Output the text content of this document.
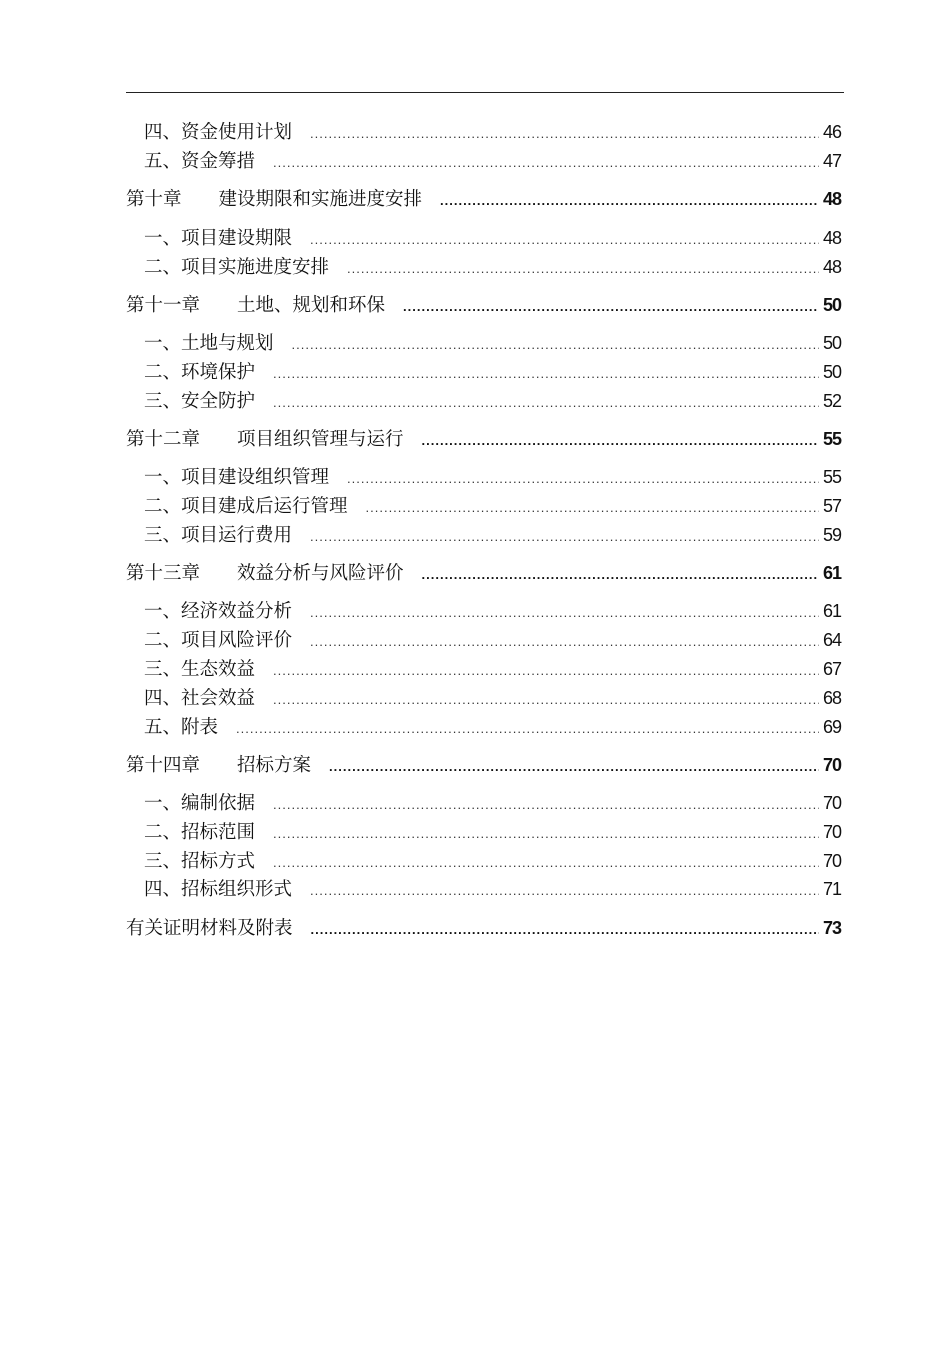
四、资金使用计划 .....	46
五、资金筹措 .....	47
第十章　　建设期限和实施进度安排 .....	48
一、项目建设期限 .....	48
二、项目实施进度安排 .....	48
第十一章　　土地、规划和环保 .....	50
一、土地与规划 .....	50
二、环境保护 .....	50
三、安全防护 .....	52
第十二章　　项目组织管理与运行 .....	55
一、项目建设组织管理 .....	55
二、项目建成后运行管理 .....	57
三、项目运行费用 .....	59
第十三章　　效益分析与风险评价 .....	61
一、经济效益分析 .....	61
二、项目风险评价 .....	64
三、生态效益 .....	67
四、社会效益 .....	68
五、附表 .....	69
第十四章　　招标方案 .....	70
一、编制依据 .....	70
二、招标范围 .....	70
三、招标方式 .....	70
四、招标组织形式 .....	71
有关证明材料及附表 .....	73
